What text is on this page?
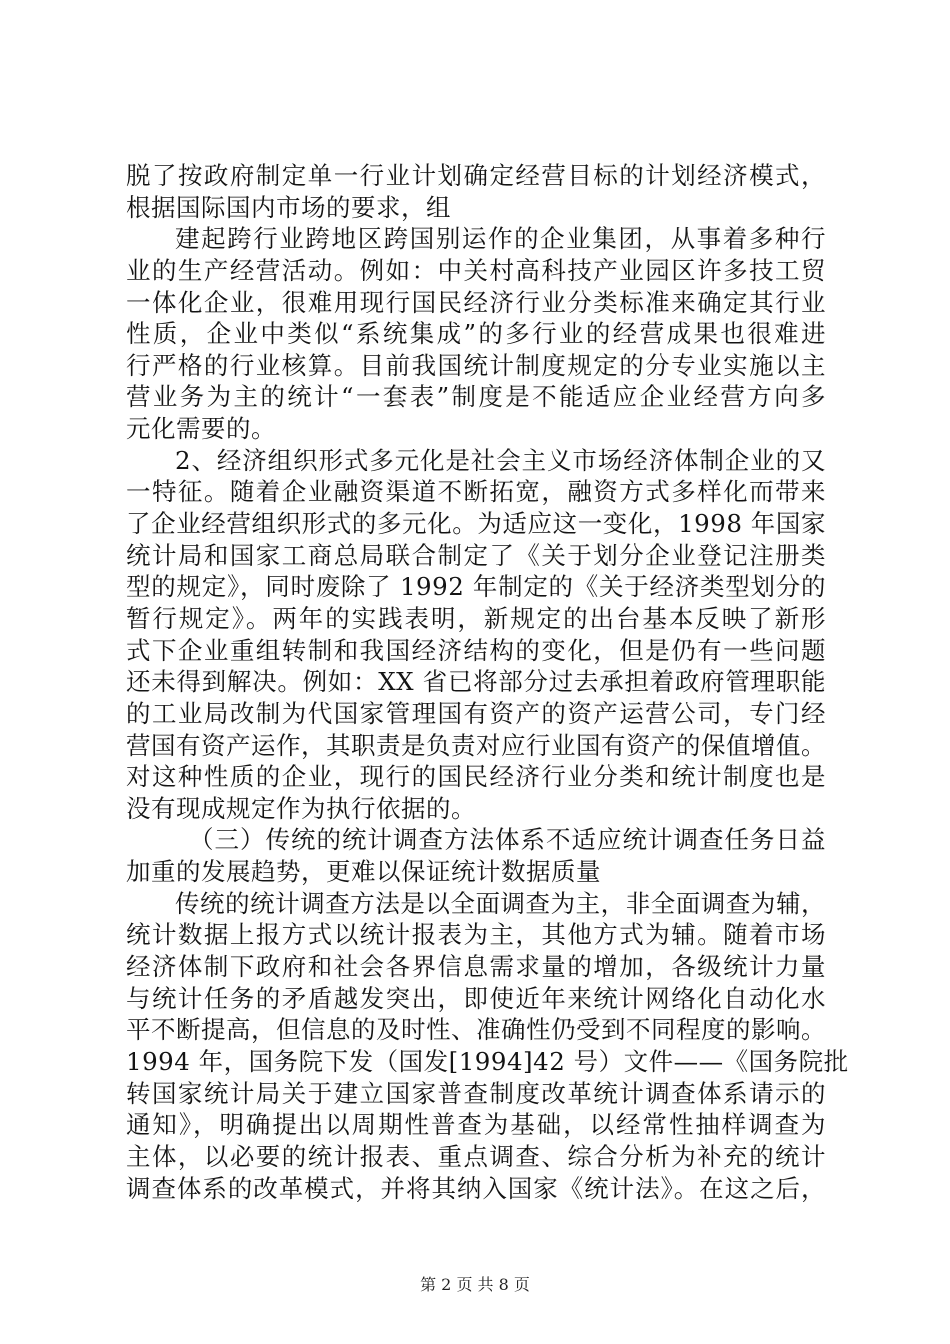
脱了按政府制定单一行业计划确定经营目标的计划经济模式，
根据国际国内市场的要求，组
建起跨行业跨地区跨国别运作的企业集团，从事着多种行
业的生产经营活动。例如：中关村高科技产业园区许多技工贸
一体化企业，很难用现行国民经济行业分类标准来确定其行业
性质，企业中类似“系统集成”的多行业的经营成果也很难进
行严格的行业核算。目前我国统计制度规定的分专业实施以主
营业务为主的统计“一套表”制度是不能适应企业经营方向多
元化需要的。
2、经济组织形式多元化是社会主义市场经济体制企业的又
一特征。随着企业融资渠道不断拓宽，融资方式多样化而带来
了企业经营组织形式的多元化。为适应这一变化，1998 年国家
统计局和国家工商总局联合制定了《关于划分企业登记注册类
型的规定》，同时废除了 1992 年制定的《关于经济类型划分的
暂行规定》。两年的实践表明，新规定的出台基本反映了新形
式下企业重组转制和我国经济结构的变化，但是仍有一些问题
还未得到解决。例如：XX 省已将部分过去承担着政府管理职能
的工业局改制为代国家管理国有资产的资产运营公司，专门经
营国有资产运作，其职责是负责对应行业国有资产的保值增值。
对这种性质的企业，现行的国民经济行业分类和统计制度也是
没有现成规定作为执行依据的。
（三）传统的统计调查方法体系不适应统计调查任务日益
加重的发展趋势，更难以保证统计数据质量
传统的统计调查方法是以全面调查为主，非全面调查为辅，
统计数据上报方式以统计报表为主，其他方式为辅。随着市场
经济体制下政府和社会各界信息需求量的增加，各级统计力量
与统计任务的矛盾越发突出，即使近年来统计网络化自动化水
平不断提高，但信息的及时性、准确性仍受到不同程度的影响。
1994 年，国务院下发（国发[1994]42 号）文件——《国务院批
转国家统计局关于建立国家普查制度改革统计调查体系请示的
通知》，明确提出以周期性普查为基础，以经常性抽样调查为
主体，以必要的统计报表、重点调查、综合分析为补充的统计
调查体系的改革模式，并将其纳入国家《统计法》。在这之后，
第 2 页 共 8 页
